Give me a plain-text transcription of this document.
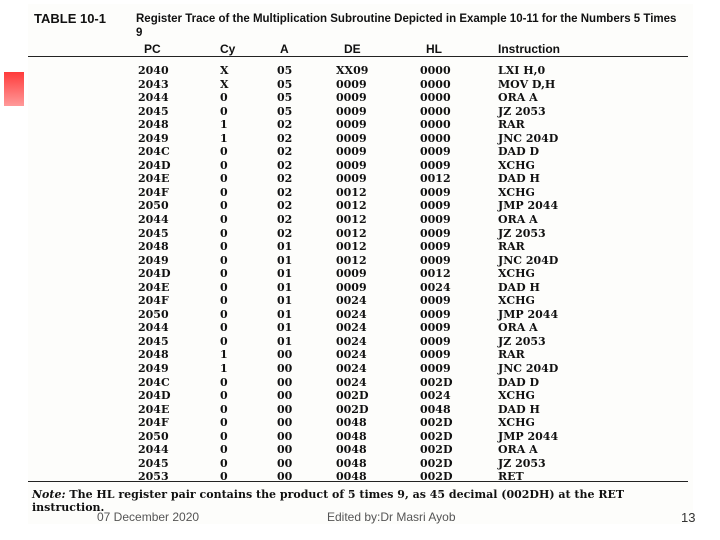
TABLE 10-1	Register Trace of the Multiplication Subroutine Depicted in Example 10-11 for the Numbers 5 Times 9
PC	Cy	A	DE	HL	Instruction
2040	X	05	XX09	0000	LXI H,0
2043	X	05	0009	0000	MOV D,H
2044	0	05	0009	0000	ORA A
2045	0	05	0009	0000	JZ 2053
2048	1	02	0009	0000	RAR
2049	1	02	0009	0000	JNC 204D
204C	0	02	0009	0009	DAD D
204D	0	02	0009	0009	XCHG
204E	0	02	0009	0012	DAD H
204F	0	02	0012	0009	XCHG
2050	0	02	0012	0009	JMP 2044
2044	0	02	0012	0009	ORA A
2045	0	02	0012	0009	JZ 2053
2048	0	01	0012	0009	RAR
2049	0	01	0012	0009	JNC 204D
204D	0	01	0009	0012	XCHG
204E	0	01	0009	0024	DAD H
204F	0	01	0024	0009	XCHG
2050	0	01	0024	0009	JMP 2044
2044	0	01	0024	0009	ORA A
2045	0	01	0024	0009	JZ 2053
2048	1	00	0024	0009	RAR
2049	1	00	0024	0009	JNC 204D
204C	0	00	0024	002D	DAD D
204D	0	00	002D	0024	XCHG
204E	0	00	002D	0048	DAD H
204F	0	00	0048	002D	XCHG
2050	0	00	0048	002D	JMP 2044
2044	0	00	0048	002D	ORA A
2045	0	00	0048	002D	JZ 2053
2053	0	00	0048	002D	RET
Note: The HL register pair contains the product of 5 times 9, as 45 decimal (002DH) at the RET instruction.
07 December 2020	Edited by:Dr Masri Ayob	13
